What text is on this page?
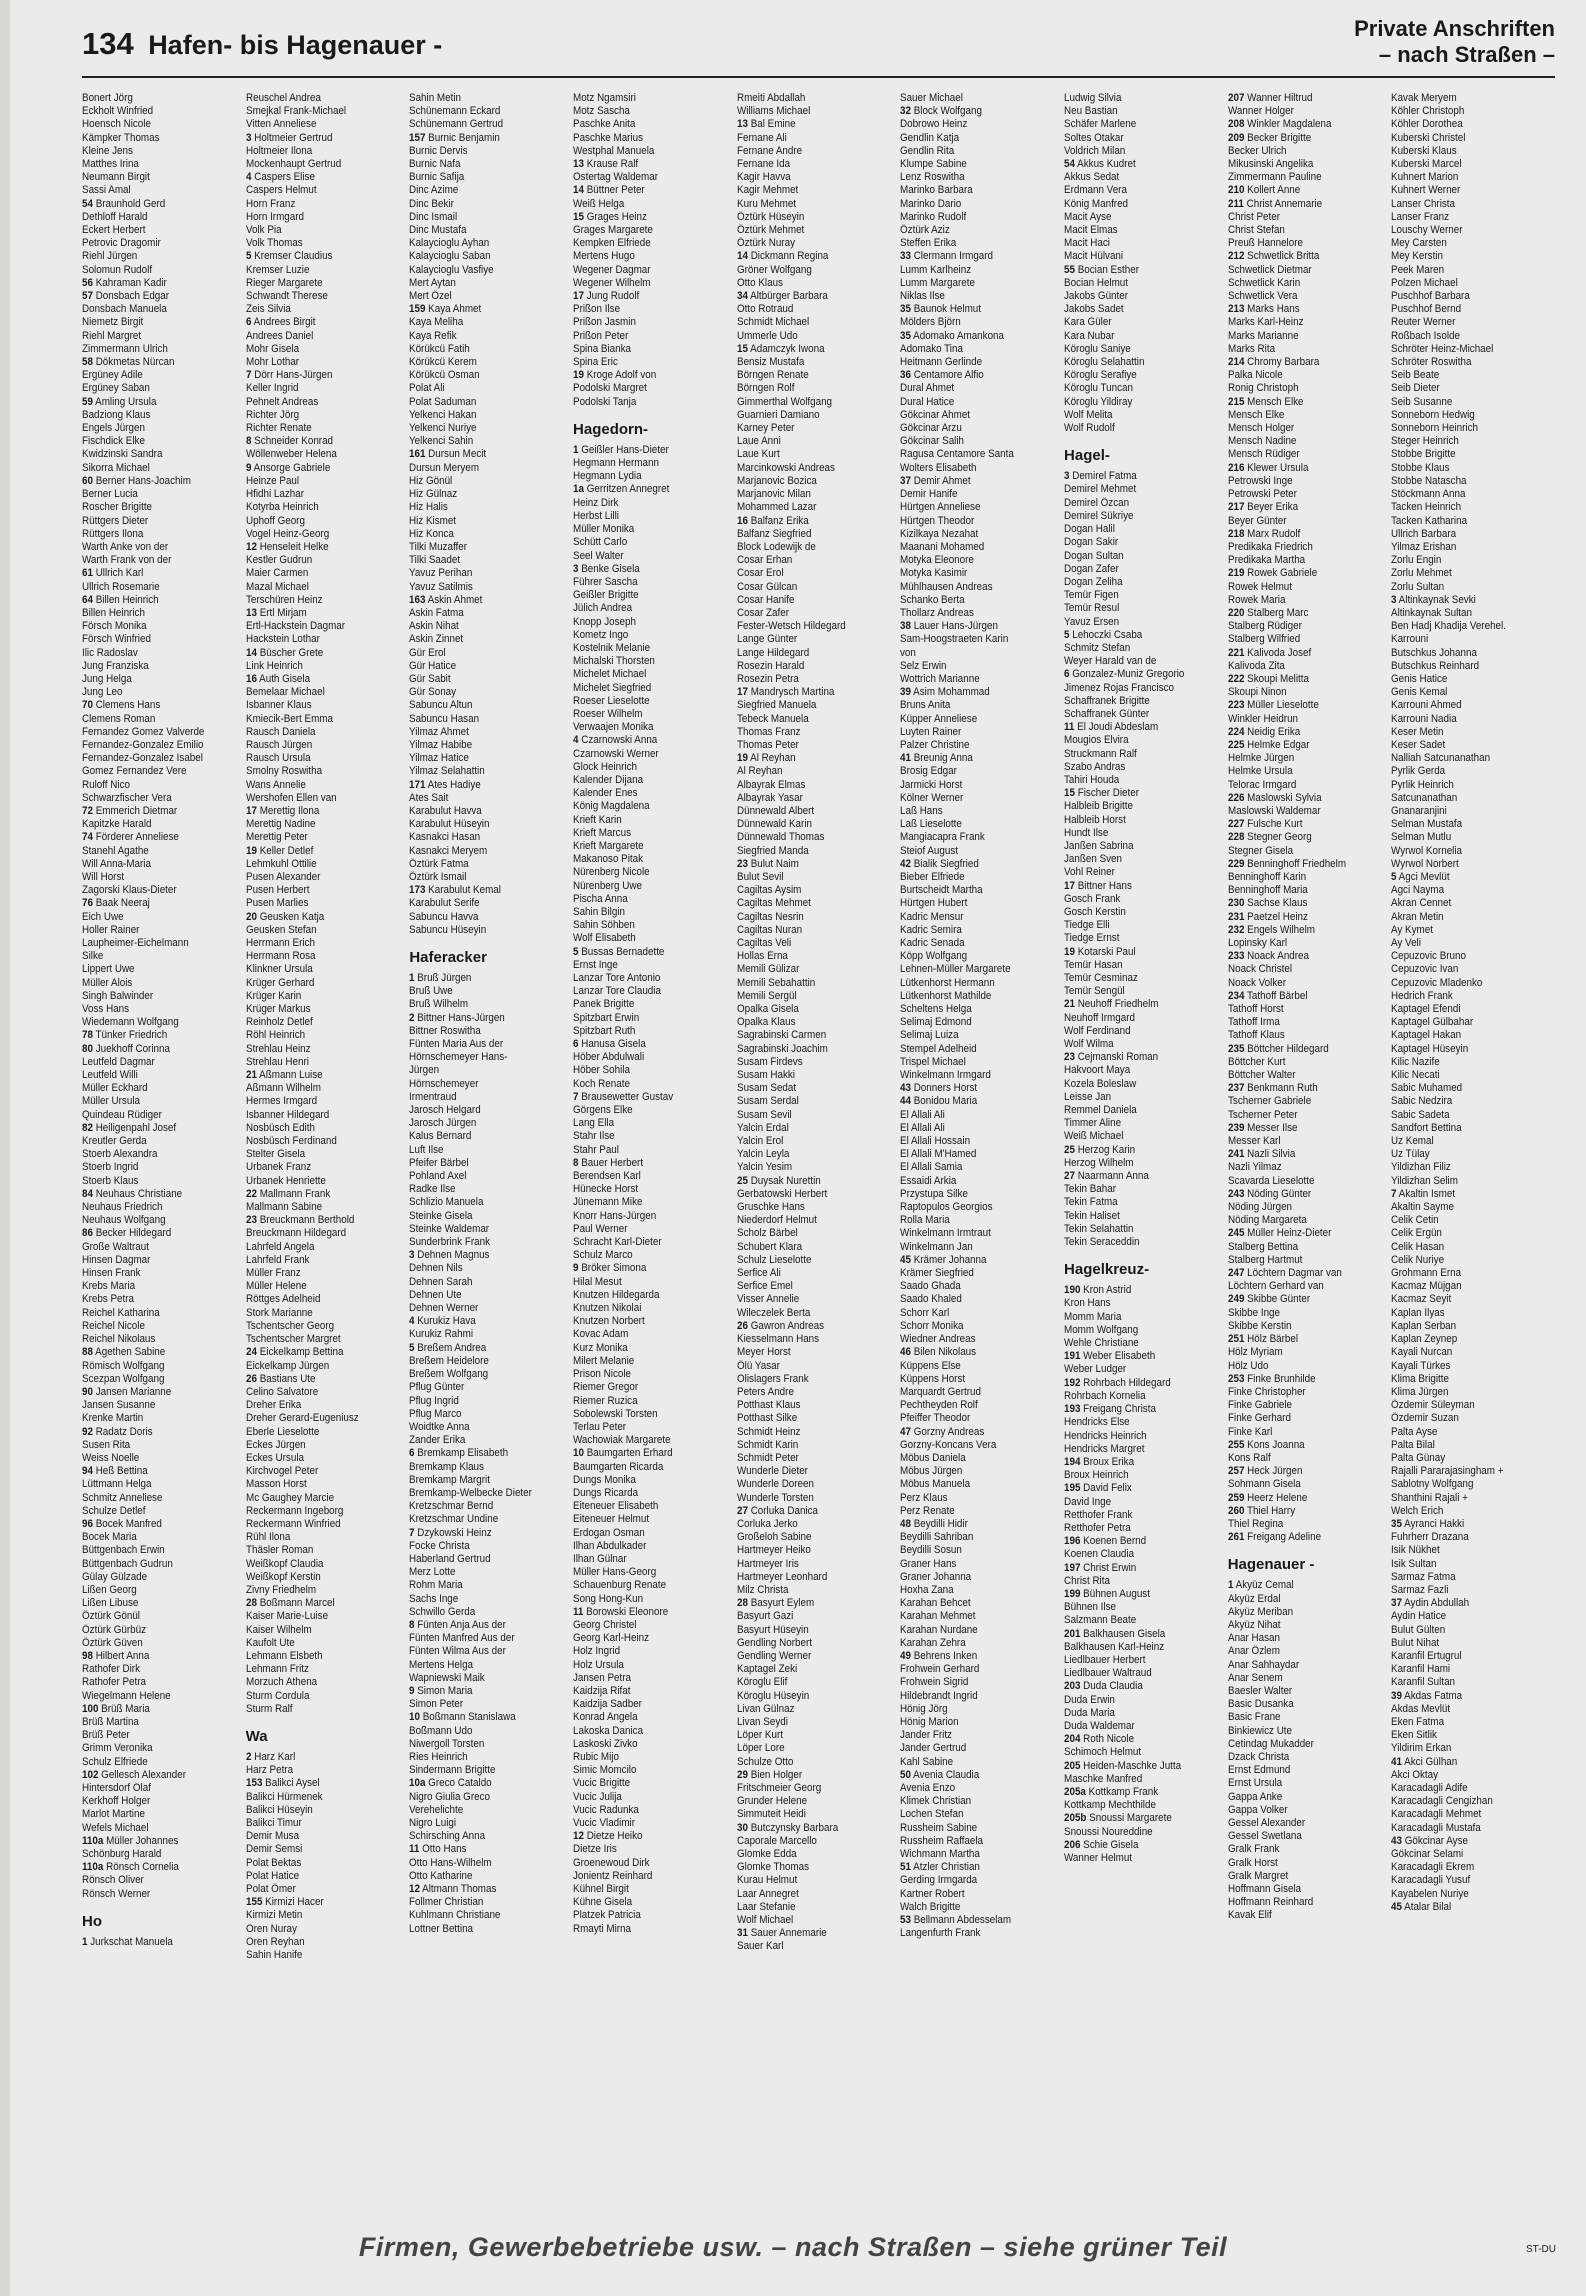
134 Hafen- bis Hagenauer -
Private Anschriften
– nach Straßen –
Bonert Jörg
Eckholt Winfried
Hoensch Nicole
Kämpker Thomas
Kleine Jens
Matthes Irina
Neumann Birgit
Sassi Amal
54 Braunhold Gerd
Dethloff Harald
Eckert Herbert
Petrovic Dragomir
Riehl Jürgen
Solomun Rudolf
56 Kahraman Kadir
57 Donsbach Edgar
Donsbach Manuela
Niemetz Birgit
Riehl Margret
Zimmermann Ulrich
58 Dökmetas Nürcan
Ergüney Adile
Ergüney Saban
59 Amling Ursula
Badziong Klaus
Engels Jürgen
Fischdick Elke
Kwidzinski Sandra
Sikorra Michael
60 Berner Hans-Joachim
Berner Lucia
Roscher Brigitte
Rüttgers Dieter
Rüttgers Ilona
Warth Anke von der
Warth Frank von der
61 Ullrich Karl
Ullrich Rosemarie
64 Billen Heinrich
Billen Heinrich
Försch Monika
Försch Winfried
Ilic Radoslav
Jung Franziska
Jung Helga
Jung Leo
70 Clemens Hans
Clemens Roman
Fernandez Gomez Valverde
Fernandez-Gonzalez Emilio
Fernandez-Gonzalez Isabel
Gomez Fernandez Vere
Ruloff Nico
Schwarzfischer Vera
72 Emmerich Dietmar
Kapitzke Harald
74 Förderer Anneliese
Stanehl Agathe
Will Anna-Maria
Will Horst
Zagorski Klaus-Dieter
76 Baak Neeraj
Eich Uwe
Holler Rainer
Laupheimer-Eichelmann
Silke
Lippert Uwe
Müller Alois
Singh Balwinder
Voss Hans
Wiedemann Wolfgang
78 Tünker Friedrich
80 Juekhoff Corinna
Leutfeld Dagmar
Leutfeld Willi
Müller Eckhard
Müller Ursula
Quindeau Rüdiger
82 Heiligenpahl Josef
Kreutler Gerda
Stoerb Alexandra
Stoerb Ingrid
Stoerb Klaus
84 Neuhaus Christiane
Neuhaus Friedrich
Neuhaus Wolfgang
86 Becker Hildegard
Große Waltraut
Hinsen Dagmar
Hinsen Frank
Krebs Maria
Krebs Petra
Reichel Katharina
Reichel Nicole
Reichel Nikolaus
88 Agethen Sabine
Römisch Wolfgang
Scezpan Wolfgang
90 Jansen Marianne
Jansen Susanne
Krenke Martin
92 Radatz Doris
Susen Rita
Weiss Noelle
94 Heß Bettina
Lüttmann Helga
Schmitz Anneliese
Schulze Detlef
96 Bocek Manfred
Bocek Maria
Büttgenbach Erwin
Büttgenbach Gudrun
Gülay Gülzade
Lißen Georg
Lißen Libuse
Öztürk Gönül
Öztürk Gürbüz
Öztürk Güven
98 Hilbert Anna
Rathofer Dirk
Rathofer Petra
Wiegelmann Helene
100 Brüß Maria
Brüß Martina
Brüß Peter
Grimm Veronika
Schulz Elfriede
102 Gellesch Alexander
Hintersdorf Olaf
Kerkhoff Holger
Marlot Martine
Wefels Michael
110a Müller Johannes
Schönburg Harald
110a Rönsch Cornelia
Rönsch Oliver
Rönsch Werner
Ho
1 Jurkschat Manuela
Reuschel Andrea
Smejkal Frank-Michael
Vitten Anneliese
3 Holtmeier Gertrud
Holtmeier Ilona
Mockenhaupt Gertrud
4 Caspers Elise
Caspers Helmut
Horn Franz
Horn Irmgard
Volk Pia
Volk Thomas
5 Kremser Claudius
Kremser Luzie
Rieger Margarete
Schwandt Therese
Zeis Silvia
6 Andrees Birgit
Andrees Daniel
Mohr Gisela
Mohr Lothar
7 Dörr Hans-Jürgen
Keller Ingrid
Pehnelt Andreas
Richter Jörg
Richter Renate
8 Schneider Konrad
Wöllenweber Helena
9 Ansorge Gabriele
Heinze Paul
Hfidhi Lazhar
Kotyrba Heinrich
Uphoff Georg
Vogel Heinz-Georg
12 Henseleit Helke
Kestler Gudrun
Maier Carmen
Mazal Michael
Terschüren Heinz
13 Ertl Mirjam
Ertl-Hackstein Dagmar
Hackstein Lothar
14 Büscher Grete
Link Heinrich
16 Auth Gisela
Bemelaar Michael
Isbanner Klaus
Kmiecik-Bert Emma
Rausch Daniela
Rausch Jürgen
Rausch Ursula
Smolny Roswitha
Wans Annelie
Wershofen Ellen van
17 Merettig Ilona
Merettig Nadine
Merettig Peter
19 Keller Detlef
Lehmkuhl Ottilie
Pusen Alexander
Pusen Herbert
Pusen Marlies
20 Geusken Katja
Geusken Stefan
Herrmann Erich
Herrmann Rosa
Klinkner Ursula
Krüger Gerhard
Krüger Karin
Krüger Markus
Reinholz Detlef
Röhl Heinrich
Strehlau Heinz
Strehlau Henri
21 Aßmann Luise
Aßmann Wilhelm
Hermes Irmgard
Isbanner Hildegard
Nosbüsch Edith
Nosbüsch Ferdinand
Stelter Gisela
Urbanek Franz
Urbanek Henriette
22 Mallmann Frank
Mallmann Sabine
23 Breuckmann Berthold
Breuckmann Hildegard
Lahrfeld Angela
Lahrfeld Frank
Müller Franz
Müller Helene
Röttges Adelheid
Stork Marianne
Tschentscher Georg
Tschentscher Margret
24 Eickelkamp Bettina
Eickelkamp Jürgen
26 Bastians Ute
Celino Salvatore
Dreher Erika
Dreher Gerard-Eugeniusz
Eberle Lieselotte
Eckes Jürgen
Eckes Ursula
Kirchvogel Peter
Masson Horst
Mc Gaughey Marcie
Reckermann Ingeborg
Reckermann Winfried
Rühl Ilona
Thäsler Roman
Weißkopf Claudia
Weißkopf Kerstin
Zivny Friedhelm
28 Boßmann Marcel
Kaiser Marie-Luise
Kaiser Wilhelm
Kaufolt Ute
Lehmann Elsbeth
Lehmann Fritz
Morzuch Athena
Sturm Cordula
Sturm Ralf
Wa
2 Harz Karl
Harz Petra
153 Balikci Aysel
Balikci Hürmenek
Balikci Hüseyin
Balikci Timur
Demir Musa
Demir Semsi
Polat Bektas
Polat Hatice
Polat Ömer
155 Kirmizi Hacer
Kirmizi Metin
Oren Nuray
Oren Reyhan
Sahin Hanife
Sahin Metin
Schünemann Eckard
Schünemann Gertrud
157 Burnic Benjamin
Burnic Dervis
Burnic Nafa
Burnic Safija
Dinc Azime
Dinc Bekir
Dinc Ismail
Dinc Mustafa
Kalaycioglu Ayhan
Kalaycioglu Saban
Kalaycioglu Vasfiye
Mert Aytan
Mert Özel
159 Kaya Ahmet
Kaya Meliha
Kaya Refik
Körükcü Fatih
Körükcü Kerem
Körükcü Osman
Polat Ali
Polat Saduman
Yelkenci Hakan
Yelkenci Nuriye
Yelkenci Sahin
161 Dursun Mecit
Dursun Meryem
Hiz Gönül
Hiz Gülnaz
Hiz Halis
Hiz Kismet
Hiz Konca
Tilki Muzaffer
Tilki Saadet
Yavuz Perihan
Yavuz Satilmis
163 Askin Ahmet
Askin Fatma
Askin Nihat
Askin Zinnet
Gür Erol
Gür Hatice
Gür Sabit
Gür Sonay
Sabuncu Altun
Sabuncu Hasan
Yilmaz Ahmet
Yilmaz Habibe
Yilmaz Hatice
Yilmaz Selahattin
171 Ates Hadiye
Ates Sait
Karabulut Havva
Karabulut Hüseyin
Kasnakci Hasan
Kasnakci Meryem
Öztürk Fatma
Öztürk Ismail
173 Karabulut Kemal
Karabulut Serife
Sabuncu Havva
Sabuncu Hüseyin
Haferacker
1 Bruß Jürgen
Bruß Uwe
Bruß Wilhelm
2 Bittner Hans-Jürgen
Bittner Roswitha
Fünten Maria Aus der
Hörnschemeyer Hans-
Jürgen
Hörnschemeyer
Irmentraud
Jarosch Helgard
Jarosch Jürgen
Kalus Bernard
Luft Ilse
Pfeifer Bärbel
Pohland Axel
Radke Ilse
Schlizio Manuela
Steinke Gisela
Steinke Waldemar
Sunderbrink Frank
3 Dehnen Magnus
Dehnen Nils
Dehnen Sarah
Dehnen Ute
Dehnen Werner
4 Kurukiz Hava
Kurukiz Rahmi
5 Breßem Andrea
Breßem Heidelore
Breßem Wolfgang
Pflug Günter
Pflug Ingrid
Pflug Marco
Woidtke Anna
Zander Erika
6 Bremkamp Elisabeth
Bremkamp Klaus
Bremkamp Margrit
Bremkamp-Welbecke Dieter
Kretzschmar Bernd
Kretzschmar Undine
7 Dzykowski Heinz
Focke Christa
Haberland Gertrud
Merz Lotte
Rohm Maria
Sachs Inge
Schwillo Gerda
8 Fünten Anja Aus der
Fünten Manfred Aus der
Fünten Wilma Aus der
Mertens Helga
Wapniewski Maik
9 Simon Maria
Simon Peter
10 Boßmann Stanislawa
Boßmann Udo
Niwergoll Torsten
Ries Heinrich
Sindermann Brigitte
10a Greco Cataldo
Nigro Giulia Greco
Verehelichte
Nigro Luigi
Schirsching Anna
11 Otto Hans
Otto Hans-Wilhelm
Otto Katharine
12 Altmann Thomas
Follmer Christian
Kuhlmann Christiane
Lottner Bettina
Motz Ngamsiri
Motz Sascha
Paschke Anita
Paschke Marius
Westphal Manuela
13 Krause Ralf
Ostertag Waldemar
14 Büttner Peter
Weiß Helga
15 Grages Heinz
Grages Margarete
Kempken Elfriede
Mertens Hugo
Wegener Dagmar
Wegener Wilhelm
17 Jung Rudolf
Prißon Ilse
Prißon Jasmin
Prißon Peter
Spina Bianka
Spina Eric
19 Kroge Adolf von
Podolski Margret
Podolski Tanja
Hagedorn-
1 Geißler Hans-Dieter
Hegmann Hermann
Hegmann Lydia
1a Gerritzen Annegret
Heinz Dirk
Herbst Lilli
Müller Monika
Schütt Carlo
Seel Walter
3 Benke Gisela
Führer Sascha
Geißler Brigitte
Jülich Andrea
Knopp Joseph
Kometz Ingo
Kostelnik Melanie
Michalski Thorsten
Michelet Michael
Michelet Siegfried
Roeser Lieselotte
Roeser Wilhelm
Verwaajen Monika
4 Czarnowski Anna
Czarnowski Werner
Glock Heinrich
Kalender Dijana
Kalender Enes
König Magdalena
Krieft Karin
Krieft Marcus
Krieft Margarete
Makanoso Pitak
Nürenberg Nicole
Nürenberg Uwe
Pischa Anna
Sahin Bilgin
Sahin Söhben
Wolf Elisabeth
5 Bussas Bernadette
Ernst Inge
Lanzar Tore Antonio
Lanzar Tore Claudia
Panek Brigitte
Spitzbart Erwin
Spitzbart Ruth
6 Hanusa Gisela
Höber Abdulwali
Höber Sohila
Koch Renate
7 Brausewetter Gustav
Görgens Elke
Lang Ella
Stahr Ilse
Stahr Paul
8 Bauer Herbert
Berendsen Karl
Hünecke Horst
Jünemann Mike
Knorr Hans-Jürgen
Paul Werner
Schracht Karl-Dieter
Schulz Marco
9 Bröker Simona
Hilal Mesut
Knutzen Hildegarda
Knutzen Nikolai
Knutzen Norbert
Kovac Adam
Kurz Monika
Milert Melanie
Prison Nicole
Riemer Gregor
Riemer Ruzica
Sobolewski Torsten
Terlau Peter
Wachowiak Margarete
10 Baumgarten Erhard
Baumgarten Ricarda
Dungs Monika
Dungs Ricarda
Eiteneuer Elisabeth
Eiteneuer Helmut
Erdogan Osman
Ilhan Abdulkader
Ilhan Gülnar
Müller Hans-Georg
Schauenburg Renate
Song Hong-Kun
11 Borowski Eleonore
Georg Christel
Georg Karl-Heinz
Holz Ingrid
Holz Ursula
Jansen Petra
Kaidzija Rifat
Kaidzija Sadber
Konrad Angela
Lakoska Danica
Laskoski Zivko
Rubic Mijo
Simic Momcilo
Vucic Brigitte
Vucic Julija
Vucic Radunka
Vucic Vladimir
12 Dietze Heiko
Dietze Iris
Groenewoud Dirk
Jonientz Reinhard
Kühnel Birgit
Kühne Gisela
Platzek Patricia
Rmayti Mirna
Rmeiti Abdallah
Williams Michael
13 Bal Emine
Fernane Ali
Fernane Andre
Fernane Ida
Kagir Havva
Kagir Mehmet
Kuru Mehmet
Öztürk Hüseyin
Öztürk Mehmet
Öztürk Nuray
14 Dickmann Regina
Gröner Wolfgang
Otto Klaus
34 Altbürger Barbara
Otto Rotraud
Schmidt Michael
Ummerle Udo
15 Adamczyk Iwona
Bensiz Mustafa
Börngen Renate
Börngen Rolf
Gimmerthal Wolfgang
Guarnieri Damiano
Karney Peter
Laue Anni
Laue Kurt
Marcinkowski Andreas
Marjanovic Bozica
Marjanovic Milan
Mohammed Lazar
16 Balfanz Erika
Balfanz Siegfried
Block Lodewijk de
Cosar Erhan
Cosar Erol
Cosar Gülcan
Cosar Hanife
Cosar Zafer
Fester-Wetsch Hildegard
Lange Günter
Lange Hildegard
Rosezin Harald
Rosezin Petra
17 Mandrysch Martina
Siegfried Manuela
Tebeck Manuela
Thomas Franz
Thomas Peter
19 Al Reyhan
Al Reyhan
Albayrak Elmas
Albayrak Yasar
Dünnewald Albert
Dünnewald Karin
Dünnewald Thomas
Siegfried Manda
23 Bulut Naim
Bulut Sevil
Cagiltas Aysim
Cagiltas Mehmet
Cagiltas Nesrin
Cagiltas Nuran
Cagiltas Veli
Hollas Erna
Memili Gülizar
Memili Sebahattin
Memili Sergül
Opalka Gisela
Opalka Klaus
Sagrabinski Carmen
Sagrabinski Joachim
Susam Firdevs
Susam Hakki
Susam Sedat
Susam Serdal
Susam Sevil
Yalcin Erdal
Yalcin Erol
Yalcin Leyla
Yalcin Yesim
25 Duysak Nurettin
Gerbatowski Herbert
Gruschke Hans
Niederdorf Helmut
Scholz Bärbel
Schubert Klara
Schulz Lieselotte
Serfice Ali
Serfice Emel
Visser Annelie
Wileczelek Berta
26 Gawron Andreas
Kiesselmann Hans
Meyer Horst
Ölü Yasar
Olislagers Frank
Peters Andre
Potthast Klaus
Potthast Silke
Schmidt Heinz
Schmidt Karin
Schmidt Peter
Wunderle Dieter
Wunderle Doreen
Wunderle Torsten
27 Corluka Danica
Corluka Jerko
Großeloh Sabine
Hartmeyer Heiko
Hartmeyer Iris
Hartmeyer Leonhard
Milz Christa
28 Basyurt Eylem
Basyurt Gazi
Basyurt Hüseyin
Gendling Norbert
Gendling Werner
Kaptagel Zeki
Köroglu Elif
Köroglu Hüseyin
Livan Gülnaz
Livan Seydi
Löper Kurt
Löper Lore
Schulze Otto
29 Bien Holger
Fritschmeier Georg
Grunder Helene
Simmuteit Heidi
30 Butczynsky Barbara
Caporale Marcello
Glomke Edda
Glomke Thomas
Kurau Helmut
Laar Annegret
Laar Stefanie
Wolf Michael
31 Sauer Annemarie
Sauer Karl
Sauer Michael
32 Block Wolfgang
Dobrowo Heinz
Gendlin Katja
Gendlin Rita
Klumpe Sabine
Lenz Roswitha
Marinko Barbara
Marinko Dario
Marinko Rudolf
Öztürk Aziz
Steffen Erika
33 Clermann Irmgard
Lumm Karlheinz
Lumm Margarete
Niklas Ilse
35 Baunok Helmut
Mölders Björn
35 Adomako Amankona
Adomako Tina
Heitmann Gerlinde
36 Centamore Alfio
Dural Ahmet
Dural Hatice
Gökcinar Ahmet
Gökcinar Arzu
Gökcinar Salih
Ragusa Centamore Santa
Wolters Elisabeth
37 Demir Ahmet
Demir Hanife
Hürtgen Anneliese
Hürtgen Theodor
Kizilkaya Nezahat
Maanani Mohamed
Motyka Eleonore
Motyka Kasimir
Mühlhausen Andreas
Schanko Berta
Thollarz Andreas
38 Lauer Hans-Jürgen
Sam-Hoogstraeten Karin
von
Selz Erwin
Wottrich Marianne
39 Asim Mohammad
Bruns Anita
Küpper Anneliese
Luyten Rainer
Palzer Christine
41 Breunig Anna
Brosig Edgar
Jarmicki Horst
Kölner Werner
Laß Hans
Laß Lieselotte
Mangiacapra Frank
Steiof August
42 Bialik Siegfried
Bieber Elfriede
Burtscheidt Martha
Hürtgen Hubert
Kadric Mensur
Kadric Semira
Kadric Senada
Köpp Wolfgang
Lehnen-Müller Margarete
Lütkenhorst Hermann
Lütkenhorst Mathilde
Scheltens Helga
Selimaj Edmond
Selimaj Luiza
Stempel Adelheid
Trispel Michael
Winkelmann Irmgard
43 Donners Horst
44 Bonidou Maria
El Allali Ali
El Allali Ali
El Allali Hossain
El Allali M'Hamed
El Allali Samia
Essaidi Arkia
Przystupa Silke
Raptopulos Georgios
Rolla Maria
Winkelmann Irmtraut
Winkelmann Jan
45 Krämer Johanna
Krämer Siegfried
Saado Ghada
Saado Khaled
Schorr Karl
Schorr Monika
Wiedner Andreas
46 Bilen Nikolaus
Küppens Else
Küppens Horst
Marquardt Gertrud
Pechtheyden Rolf
Pfeiffer Theodor
47 Gorzny Andreas
Gorzny-Koncans Vera
Möbus Daniela
Möbus Jürgen
Möbus Manuela
Perz Klaus
Perz Renate
48 Beydilli Hidir
Beydilli Sahriban
Beydilli Sosun
Graner Hans
Graner Johanna
Hoxha Zana
Karahan Behcet
Karahan Mehmet
Karahan Nurdane
Karahan Zehra
49 Behrens Inken
Frohwein Gerhard
Frohwein Sigrid
Hildebrandt Ingrid
Hönig Jörg
Hönig Marion
Jander Fritz
Jander Gertrud
Kahl Sabine
50 Avenia Claudia
Avenia Enzo
Klimek Christian
Lochen Stefan
Russheim Sabine
Russheim Raffaela
Wichmann Martha
51 Atzler Christian
Gerding Irmgarda
Kartner Robert
Walch Brigitte
53 Bellmann Abdesselam
Langenfurth Frank
Ludwig Silvia
Neu Bastian
Schäfer Marlene
Soltes Otakar
Voldrich Milan
54 Akkus Kudret
Akkus Sedat
Erdmann Vera
König Manfred
Macit Ayse
Macit Elmas
Macit Haci
Macit Hülvani
55 Bocian Esther
Bocian Helmut
Jakobs Günter
Jakobs Sadet
Kara Güler
Kara Nubar
Köroglu Saniye
Köroglu Selahattin
Köroglu Serafiye
Köroglu Tuncan
Köroglu Yildiray
Wolf Melita
Wolf Rudolf
Hagel-
3 Demirel Fatma
Demirel Mehmet
Demirel Özcan
Demirel Sükriye
Dogan Halil
Dogan Sakir
Dogan Sultan
Dogan Zafer
Dogan Zeliha
Temür Figen
Temür Resul
Yavuz Ersen
5 Lehoczki Csaba
Schmitz Stefan
Weyer Harald van de
6 Gonzalez-Muniz Gregorio
Jimenez Rojas Francisco
Schaffranek Brigitte
Schaffranek Günter
11 El Joudi Abdeslam
Mougios Elvira
Struckmann Ralf
Szabo Andras
Tahiri Houda
15 Fischer Dieter
Halbleib Brigitte
Halbleib Horst
Hundt Ilse
Janßen Sabrina
Janßen Sven
Vohl Reiner
17 Bittner Hans
Gosch Frank
Gosch Kerstin
Tiedge Elli
Tiedge Ernst
19 Kotarski Paul
Temür Hasan
Temür Cesminaz
Temür Sengül
21 Neuhoff Friedhelm
Neuhoff Irmgard
Wolf Ferdinand
Wolf Wilma
23 Cejmanski Roman
Hakvoort Maya
Kozela Boleslaw
Leisse Jan
Remmel Daniela
Timmer Aline
Weiß Michael
25 Herzog Karin
Herzog Wilhelm
27 Naarmann Anna
Tekin Bahar
Tekin Fatma
Tekin Haliset
Tekin Selahattin
Tekin Seraceddin
Hagelkreuz-
190 Kron Astrid
Kron Hans
Momm Maria
Momm Wolfgang
Wehle Christiane
191 Weber Elisabeth
Weber Ludger
192 Rohrbach Hildegard
Rohrbach Kornelia
193 Freigang Christa
Hendricks Else
Hendricks Heinrich
Hendricks Margret
194 Broux Erika
Broux Heinrich
195 David Felix
David Inge
Retthofer Frank
Retthofer Petra
196 Koenen Bernd
Koenen Claudia
197 Christ Erwin
Christ Rita
199 Bühnen August
Bühnen Ilse
Salzmann Beate
201 Balkhausen Gisela
Balkhausen Karl-Heinz
Liedlbauer Herbert
Liedlbauer Waltraud
203 Duda Claudia
Duda Erwin
Duda Maria
Duda Waldemar
204 Roth Nicole
Schimoch Helmut
205 Heiden-Maschke Jutta
Maschke Manfred
205a Kottkamp Frank
Kottkamp Mechthilde
205b Snoussi Margarete
Snoussi Noureddine
206 Schie Gisela
Wanner Helmut
207 Wanner Hiltrud
Wanner Holger
208 Winkler Magdalena
209 Becker Brigitte
Becker Ulrich
Mikusinski Angelika
Zimmermann Pauline
210 Kollert Anne
211 Christ Annemarie
Christ Peter
Christ Stefan
Preuß Hannelore
212 Schwetlick Britta
Schwetlick Dietmar
Schwetlick Karin
Schwetlick Vera
213 Marks Hans
Marks Karl-Heinz
Marks Marianne
Marks Rita
214 Chromy Barbara
Palka Nicole
Ronig Christoph
215 Mensch Elke
Mensch Elke
Mensch Holger
Mensch Nadine
Mensch Rüdiger
216 Klewer Ursula
Petrowski Inge
Petrowski Peter
217 Beyer Erika
Beyer Günter
218 Marx Rudolf
Predikaka Friedrich
Predikaka Martha
219 Rowek Gabriele
Rowek Helmut
Rowek Maria
220 Stalberg Marc
Stalberg Rüdiger
Stalberg Wilfried
221 Kalivoda Josef
Kalivoda Zita
222 Skoupi Melitta
Skoupi Ninon
223 Müller Lieselotte
Winkler Heidrun
224 Neidig Erika
225 Helmke Edgar
Helmke Jürgen
Helmke Ursula
Telorac Irmgard
226 Maslowski Sylvia
Maslowski Waldemar
227 Fulsche Kurt
228 Stegner Georg
Stegner Gisela
229 Benninghoff Friedhelm
Benninghoff Karin
Benninghoff Maria
230 Sachse Klaus
231 Paetzel Heinz
232 Engels Wilhelm
Lopinsky Karl
233 Noack Andrea
Noack Christel
Noack Volker
234 Tathoff Bärbel
Tathoff Horst
Tathoff Irma
Tathoff Klaus
235 Böttcher Hildegard
Böttcher Kurt
Böttcher Walter
237 Benkmann Ruth
Tscherner Gabriele
Tscherner Peter
239 Messer Ilse
Messer Karl
241 Nazli Silvia
Nazli Yilmaz
Scavarda Lieselotte
243 Nöding Günter
Nöding Jürgen
Nöding Margareta
245 Müller Heinz-Dieter
Stalberg Bettina
Stalberg Hartmut
247 Löchtern Dagmar van
Löchtern Gerhard van
249 Skibbe Günter
Skibbe Inge
Skibbe Kerstin
251 Hölz Bärbel
Hölz Myriam
Hölz Udo
253 Finke Brunhilde
Finke Christopher
Finke Gabriele
Finke Gerhard
Finke Karl
255 Kons Joanna
Kons Ralf
257 Heck Jürgen
Sohmann Gisela
259 Heerz Helene
260 Thiel Harry
Thiel Regina
261 Freigang Adeline
Hagenauer -
1 Akyüz Cemal
Akyüz Erdal
Akyüz Meriban
Akyüz Nihat
Anar Hasan
Anar Özlem
Anar Sahhaydar
Anar Senem
Baesler Walter
Basic Dusanka
Basic Frane
Binkiewicz Ute
Cetindag Mukadder
Dzack Christa
Ernst Edmund
Ernst Ursula
Gappa Anke
Gappa Volker
Gessel Alexander
Gessel Swetlana
Gralk Frank
Gralk Horst
Gralk Margret
Hoffmann Gisela
Hoffmann Reinhard
Kavak Elif
Kavak Meryem
Köhler Christoph
Köhler Dorothea
Kuberski Christel
Kuberski Klaus
Kuberski Marcel
Kuhnert Marion
Kuhnert Werner
Lanser Christa
Lanser Franz
Louschy Werner
Mey Carsten
Mey Kerstin
Peek Maren
Polzen Michael
Puschhof Barbara
Puschhof Bernd
Reuter Werner
Roßbach Isolde
Schröter Heinz-Michael
Schröter Roswitha
Seib Beate
Seib Dieter
Seib Susanne
Sonneborn Hedwig
Sonneborn Heinrich
Steger Heinrich
Stobbe Brigitte
Stobbe Klaus
Stobbe Natascha
Stöckmann Anna
Tacken Heinrich
Tacken Katharina
Ullrich Barbara
Yilmaz Erishan
Zorlu Engin
Zorlu Mehmet
Zorlu Sultan
3 Altinkaynak Sevki
Altinkaynak Sultan
Ben Hadj Khadija Verehel.
Karrouni
Butschkus Johanna
Butschkus Reinhard
Genis Hatice
Genis Kemal
Karrouni Ahmed
Karrouni Nadia
Keser Metin
Keser Sadet
Nalliah Satcunanathan
Pyrlik Gerda
Pyrlik Heinrich
Satcunanathan
Gnanaranjini
Selman Mustafa
Selman Mutlu
Wyrwol Kornelia
Wyrwol Norbert
5 Agci Mevlüt
Agci Nayma
Akran Cennet
Akran Metin
Ay Kymet
Ay Veli
Cepuzovic Bruno
Cepuzovic Ivan
Cepuzovic Mladenko
Hedrich Frank
Kaptagel Efendi
Kaptagel Gülbahar
Kaptagel Hakan
Kaptagel Hüseyin
Kilic Nazife
Kilic Necati
Sabic Muhamed
Sabic Nedzira
Sabic Sadeta
Sandfort Bettina
Uz Kemal
Uz Tülay
Yildizhan Filiz
Yildizhan Selim
7 Akaltin Ismet
Akaltin Sayme
Celik Cetin
Celik Ergün
Celik Hasan
Celik Nuriye
Grohmann Erna
Kacmaz Müjgan
Kacmaz Seyit
Kaplan Ilyas
Kaplan Serban
Kaplan Zeynep
Kayali Nurcan
Kayali Türkes
Klima Brigitte
Klima Jürgen
Özdemir Süleyman
Özdemir Suzan
Palta Ayse
Palta Bilal
Palta Günay
Rajalli Pararajasingham +
Sablotny Wolfgang
Shanthini Rajali +
Welch Erich
35 Ayranci Hakki
Fuhrherr Drazana
Isik Nükhet
Isik Sultan
Sarmaz Fatma
Sarmaz Fazli
37 Aydin Abdullah
Aydin Hatice
Bulut Gülten
Bulut Nihat
Karanfil Ertugrul
Karanfil Hami
Karanfil Sultan
39 Akdas Fatma
Akdas Mevlüt
Eken Fatma
Eken Sitlik
Yildirim Erkan
41 Akci Gülhan
Akci Oktay
Karacadagli Adife
Karacadagli Cengizhan
Karacadagli Mehmet
Karacadagli Mustafa
43 Gökcinar Ayse
Gökcinar Selami
Karacadagli Ekrem
Karacadagli Yusuf
Kayabelen Nuriye
45 Atalar Bilal
Firmen, Gewerbebetriebe usw. – nach Straßen – siehe grüner Teil	ST-DU
